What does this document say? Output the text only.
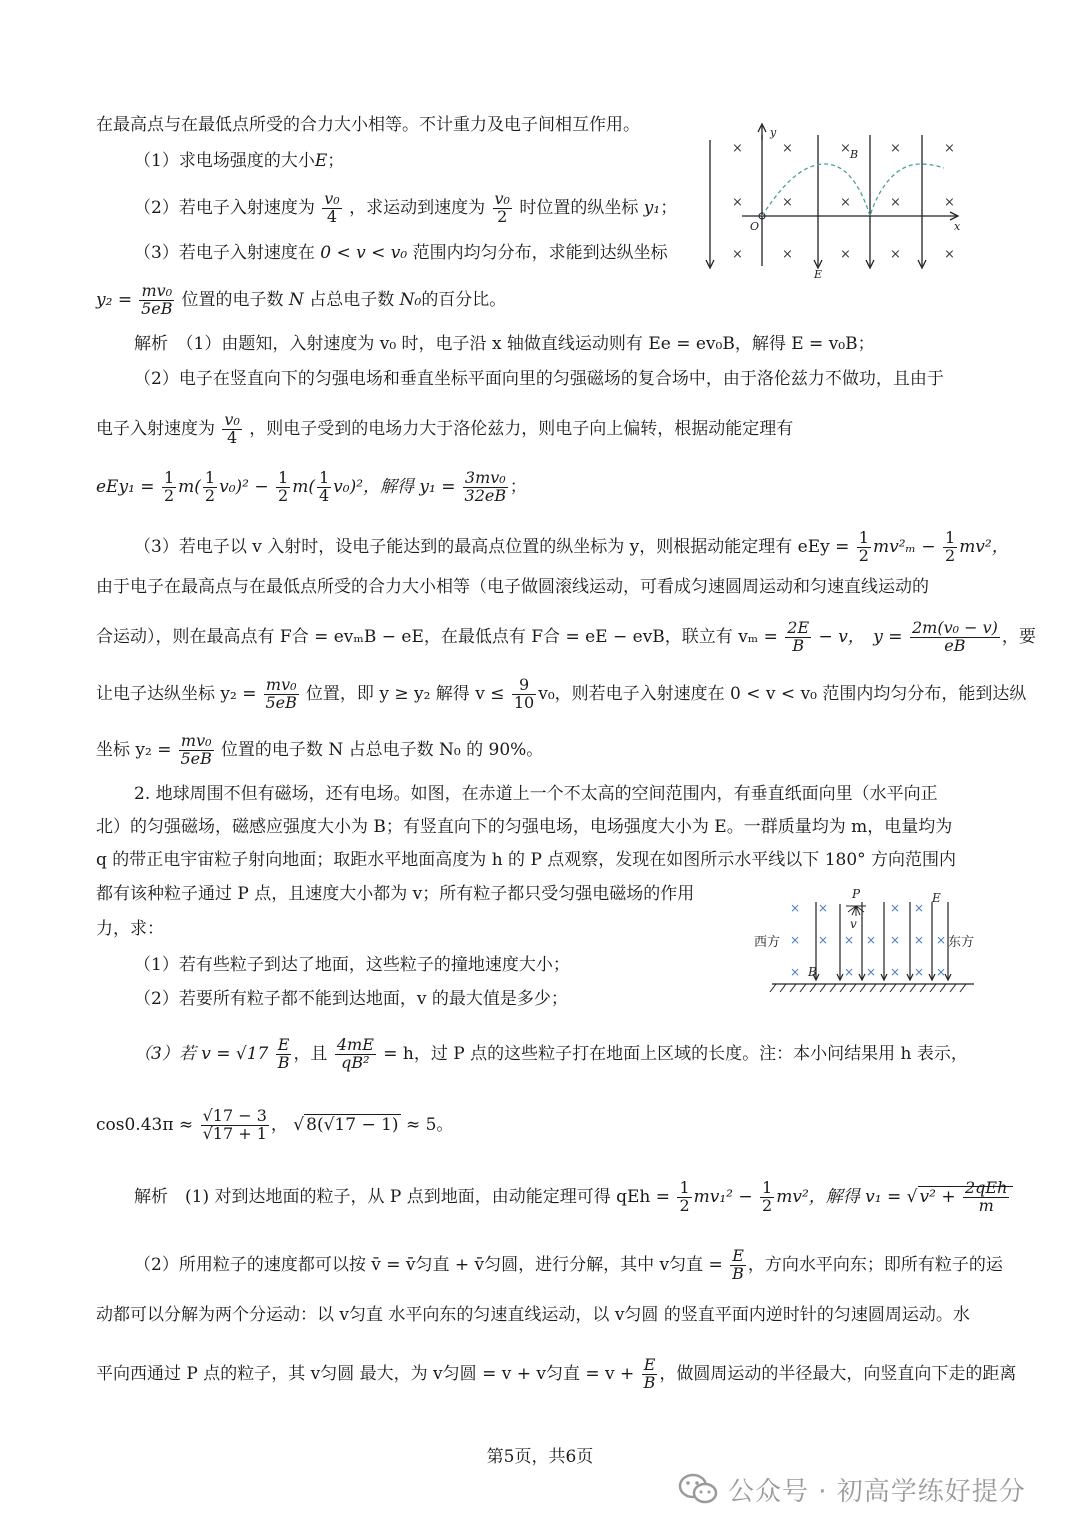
在最高点与在最低点所受的合力大小相等。不计重力及电子间相互作用。
（1）求电场强度的大小E；
（2）若电子入射速度为 $\frac{\text{v₀}}{4}$ ，求运动到速度为 $\frac{\text{v₀}}{2}$ 时位置的纵坐标 y₁；
（3）若电子入射速度在 0 < v < v₀ 范围内均匀分布，求能到达纵坐标
$y_2 = \frac{\text{mv₀}}{5eB}$ 位置的电子数 N 占总电子数 N₀的百分比。
×	×	×	×	×
×	×	×	×	×
×	×	×	×	×
y
x
O
B
E
解析　（1）由题知，入射速度为 v₀ 时，电子沿 x 轴做直线运动则有 Ee = ev₀B，解得 E = v₀B；
（2）电子在竖直向下的匀强电场和垂直坐标平面向里的匀强磁场的复合场中，由于洛伦兹力不做功，且由于
电子入射速度为 $\frac{\text{v₀}}{4}$ ，则电子受到的电场力大于洛伦兹力，则电子向上偏转，根据动能定理有
$eEy_1 = \frac{1}{2} m( \frac{1}{2} v_0)^2 - \frac{1}{2} m( \frac{1}{4} v_0)^2$，解得 $y_1 = \frac{\text{3mv₀}}{32eB}$ ；
（3）若电子以 v 入射时，设电子能达到的最高点位置的纵坐标为 y，则根据动能定理有 eEy = $\frac{1}{2} mv^2_m - \frac{1}{2} mv^2$，
由于电子在最高点与在最低点所受的合力大小相等（电子做圆滚线运动，可看成匀速圆周运动和匀速直线运动的
合运动），则在最高点有 F合 = evₘB − eE，在最低点有 F合 = eE − evB，联立有 $v_m = \frac{2E}{B} - v$，　$y = \frac{\text{2m(v₀ − v)}}{eB}$ ，要
让电子达纵坐标 $y_2 = \frac{\text{mv₀}}{5eB}$ 位置，即 y ≥ y₂ 解得 $v \le \frac{9}{10} v_0$，则若电子入射速度在 0 < v < v₀ 范围内均匀分布，能到达纵
坐标 $y_2 = \frac{\text{mv₀}}{5eB}$ 位置的电子数 N 占总电子数 N₀ 的 90%。
2. 地球周围不但有磁场，还有电场。如图，在赤道上一个不太高的空间范围内，有垂直纸面向里（水平向正
北）的匀强磁场，磁感应强度大小为 B；有竖直向下的匀强电场，电场强度大小为 E。一群质量均为 m，电量均为
q 的带正电宇宙粒子射向地面；取距水平地面高度为 h 的 P 点观察，发现在如图所示水平线以下 180° 方向范围内
都有该种粒子通过 P 点，且速度大小都为 v；所有粒子都只受匀强电磁场的作用
力，求：
（1）若有些粒子到达了地面，这些粒子的撞地速度大小；
（2）若要所有粒子都不能到达地面，v 的最大值是多少；
（3）若 $v = √17 \frac{E}{B}$ ，且 $\frac{4mE}{\text{qB²}} = h$，过 P 点的这些粒子打在地面上区域的长度。注：本小问结果用 h 表示，
$\cos 0.43\pi \approx \frac{√17 - 3}{√17 + 1}$ ， √ 8(√17 − 1) ≈ 5。
× ×	× ×
× × × × × × ×
×	× × × × ×
P
v
E
B
西方	东方
解析　(1) 对到达地面的粒子，从 P 点到地面，由动能定理可得 qEh = $\frac{1}{2} mv_1^2 - \frac{1}{2} mv^2$，解得 v₁ = √ $v^2 + \frac{\text{2qEh}}{m}$
（2）所用粒子的速度都可以按 v̄ = v̄匀直 + v̄匀圆，进行分解，其中 v匀直 = $\frac{E}{B}$ ，方向水平向东；即所有粒子的运
动都可以分解为两个分运动：以 v匀直 水平向东的匀速直线运动，以 v匀圆 的竖直平面内逆时针的匀速圆周运动。水
平向西通过 P 点的粒子，其 v匀圆 最大，为 v匀圆 = v + v匀直 = $v + \frac{E}{B}$ ，做圆周运动的半径最大，向竖直向下走的距离
第5页，共6页
公众号 · 初高学练好提分
